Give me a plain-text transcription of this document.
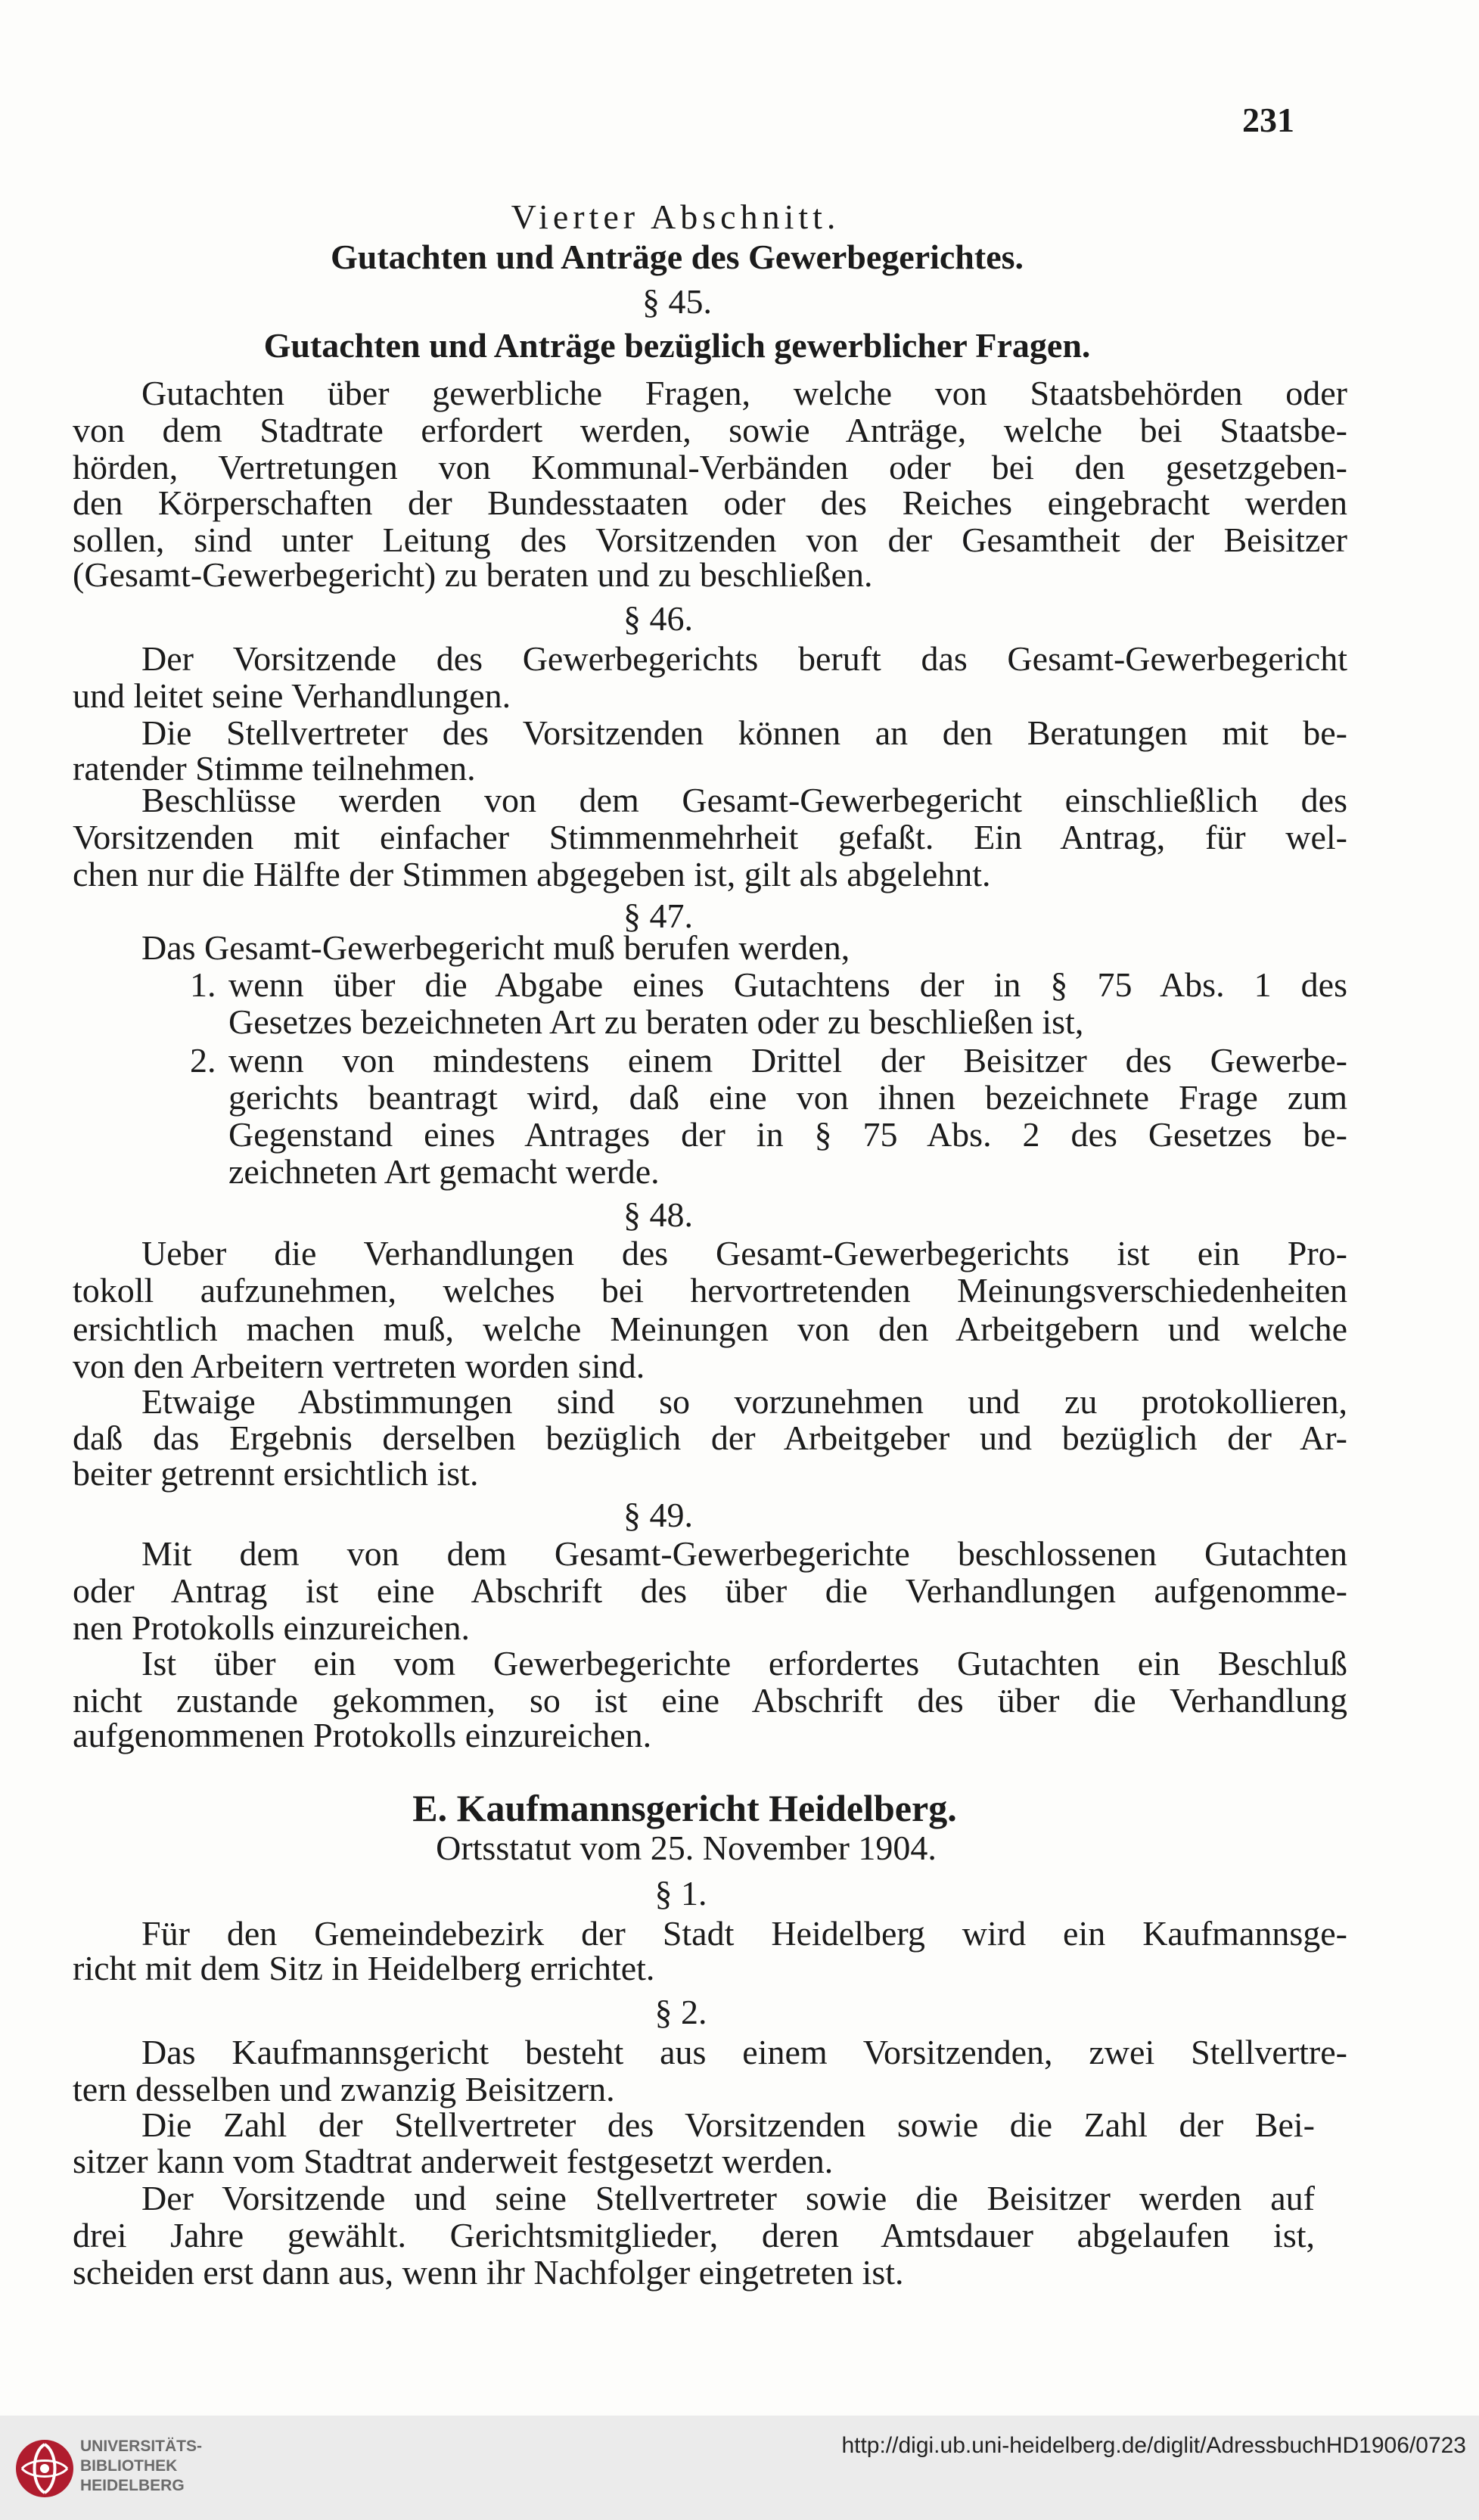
231
Vierter Abschnitt.
Gutachten und Anträge des Gewerbegerichtes.
§ 45.
Gutachten und Anträge bezüglich gewerblicher Fragen.
Gutachten über gewerbliche Fragen, welche von Staatsbehörden oder
von dem Stadtrate erfordert werden, sowie Anträge, welche bei Staatsbe-
hörden, Vertretungen von Kommunal-Verbänden oder bei den gesetzgeben-
den Körperschaften der Bundesstaaten oder des Reiches eingebracht werden
sollen, sind unter Leitung des Vorsitzenden von der Gesamtheit der Beisitzer
(Gesamt-Gewerbegericht) zu beraten und zu beschließen.
§ 46.
Der Vorsitzende des Gewerbegerichts beruft das Gesamt-Gewerbegericht
und leitet seine Verhandlungen.
Die Stellvertreter des Vorsitzenden können an den Beratungen mit be-
ratender Stimme teilnehmen.
Beschlüsse werden von dem Gesamt-Gewerbegericht einschließlich des
Vorsitzenden mit einfacher Stimmenmehrheit gefaßt. Ein Antrag, für wel-
chen nur die Hälfte der Stimmen abgegeben ist, gilt als abgelehnt.
§ 47.
Das Gesamt-Gewerbegericht muß berufen werden,
1. wenn über die Abgabe eines Gutachtens der in § 75 Abs. 1 des
Gesetzes bezeichneten Art zu beraten oder zu beschließen ist,
2. wenn von mindestens einem Drittel der Beisitzer des Gewerbe-
gerichts beantragt wird, daß eine von ihnen bezeichnete Frage zum
Gegenstand eines Antrages der in § 75 Abs. 2 des Gesetzes be-
zeichneten Art gemacht werde.
§ 48.
Ueber die Verhandlungen des Gesamt-Gewerbegerichts ist ein Pro-
tokoll aufzunehmen, welches bei hervortretenden Meinungsverschiedenheiten
ersichtlich machen muß, welche Meinungen von den Arbeitgebern und welche
von den Arbeitern vertreten worden sind.
Etwaige Abstimmungen sind so vorzunehmen und zu protokollieren,
daß das Ergebnis derselben bezüglich der Arbeitgeber und bezüglich der Ar-
beiter getrennt ersichtlich ist.
§ 49.
Mit dem von dem Gesamt-Gewerbegerichte beschlossenen Gutachten
oder Antrag ist eine Abschrift des über die Verhandlungen aufgenomme-
nen Protokolls einzureichen.
Ist über ein vom Gewerbegerichte erfordertes Gutachten ein Beschluß
nicht zustande gekommen, so ist eine Abschrift des über die Verhandlung
aufgenommenen Protokolls einzureichen.
E. Kaufmannsgericht Heidelberg.
Ortsstatut vom 25. November 1904.
§ 1.
Für den Gemeindebezirk der Stadt Heidelberg wird ein Kaufmannsge-
richt mit dem Sitz in Heidelberg errichtet.
§ 2.
Das Kaufmannsgericht besteht aus einem Vorsitzenden, zwei Stellvertre-
tern desselben und zwanzig Beisitzern.
Die Zahl der Stellvertreter des Vorsitzenden sowie die Zahl der Bei-
sitzer kann vom Stadtrat anderweit festgesetzt werden.
Der Vorsitzende und seine Stellvertreter sowie die Beisitzer werden auf
drei Jahre gewählt. Gerichtsmitglieder, deren Amtsdauer abgelaufen ist,
scheiden erst dann aus, wenn ihr Nachfolger eingetreten ist.
UNIVERSITÄTS-
BIBLIOTHEK
HEIDELBERG
http://digi.ub.uni-heidelberg.de/diglit/AdressbuchHD1906/0723
